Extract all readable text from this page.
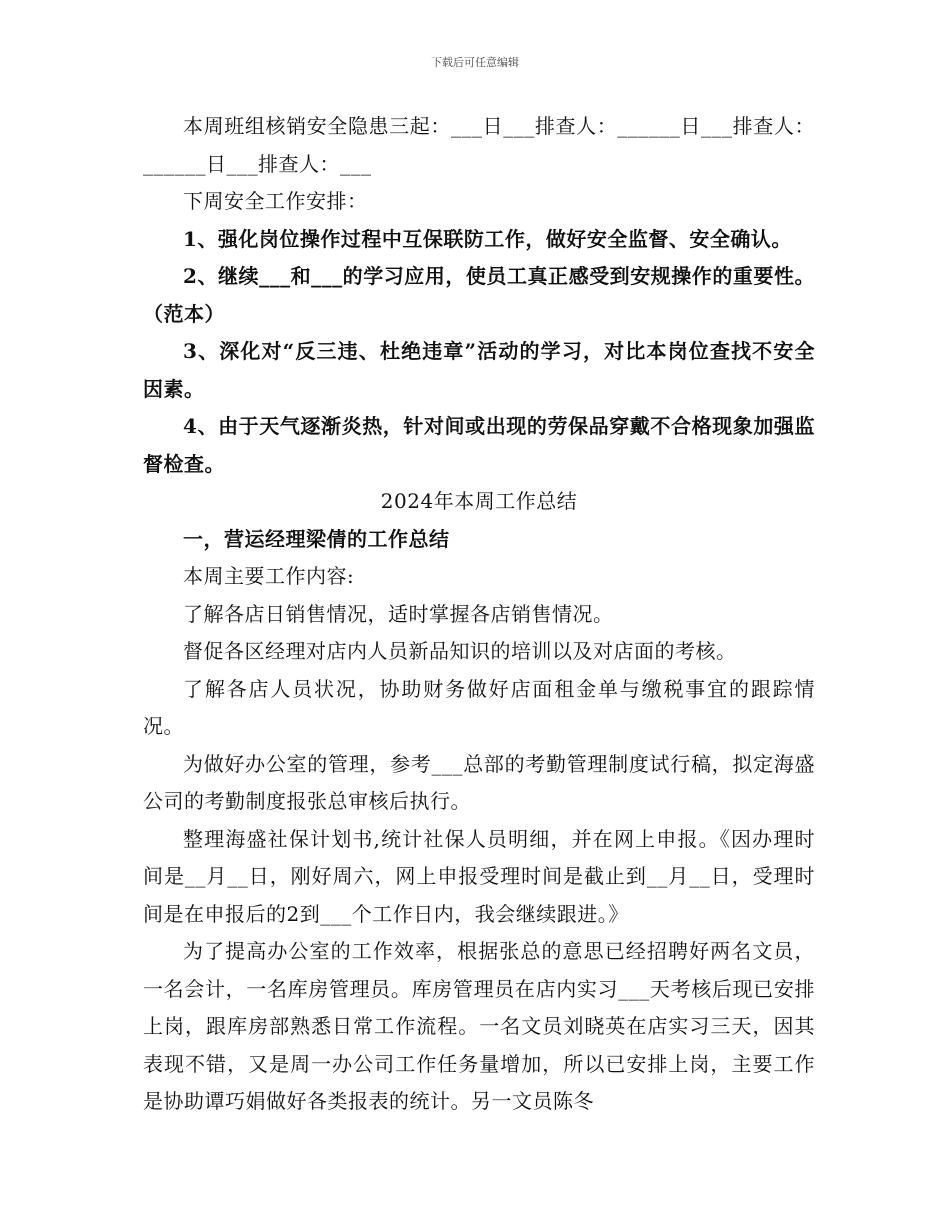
下载后可任意编辑

本周班组核销安全隐患三起：___日___排查人：______日___排查人：______日___排查人：___

下周安全工作安排：

1、强化岗位操作过程中互保联防工作，做好安全监督、安全确认。

2、继续___和___的学习应用，使员工真正感受到安规操作的重要性。（范本）

3、深化对“反三违、杜绝违章”活动的学习，对比本岗位查找不安全因素。

4、由于天气逐渐炎热，针对间或出现的劳保品穿戴不合格现象加强监督检查。

2024年本周工作总结

一，营运经理梁倩的工作总结

本周主要工作内容:

了解各店日销售情况，适时掌握各店销售情况。

督促各区经理对店内人员新品知识的培训以及对店面的考核。

了解各店人员状况，协助财务做好店面租金单与缴税事宜的跟踪情况。

为做好办公室的管理，参考___总部的考勤管理制度试行稿，拟定海盛公司的考勤制度报张总审核后执行。

整理海盛社保计划书,统计社保人员明细，并在网上申报。《因办理时间是__月__日，刚好周六，网上申报受理时间是截止到__月__日，受理时间是在申报后的2到___个工作日内，我会继续跟进。》

为了提高办公室的工作效率，根据张总的意思已经招聘好两名文员，一名会计，一名库房管理员。库房管理员在店内实习___天考核后现已安排上岗，跟库房部熟悉日常工作流程。一名文员刘晓英在店实习三天，因其表现不错，又是周一办公司工作任务量增加，所以已安排上岗，主要工作是协助谭巧娟做好各类报表的统计。另一文员陈冬
